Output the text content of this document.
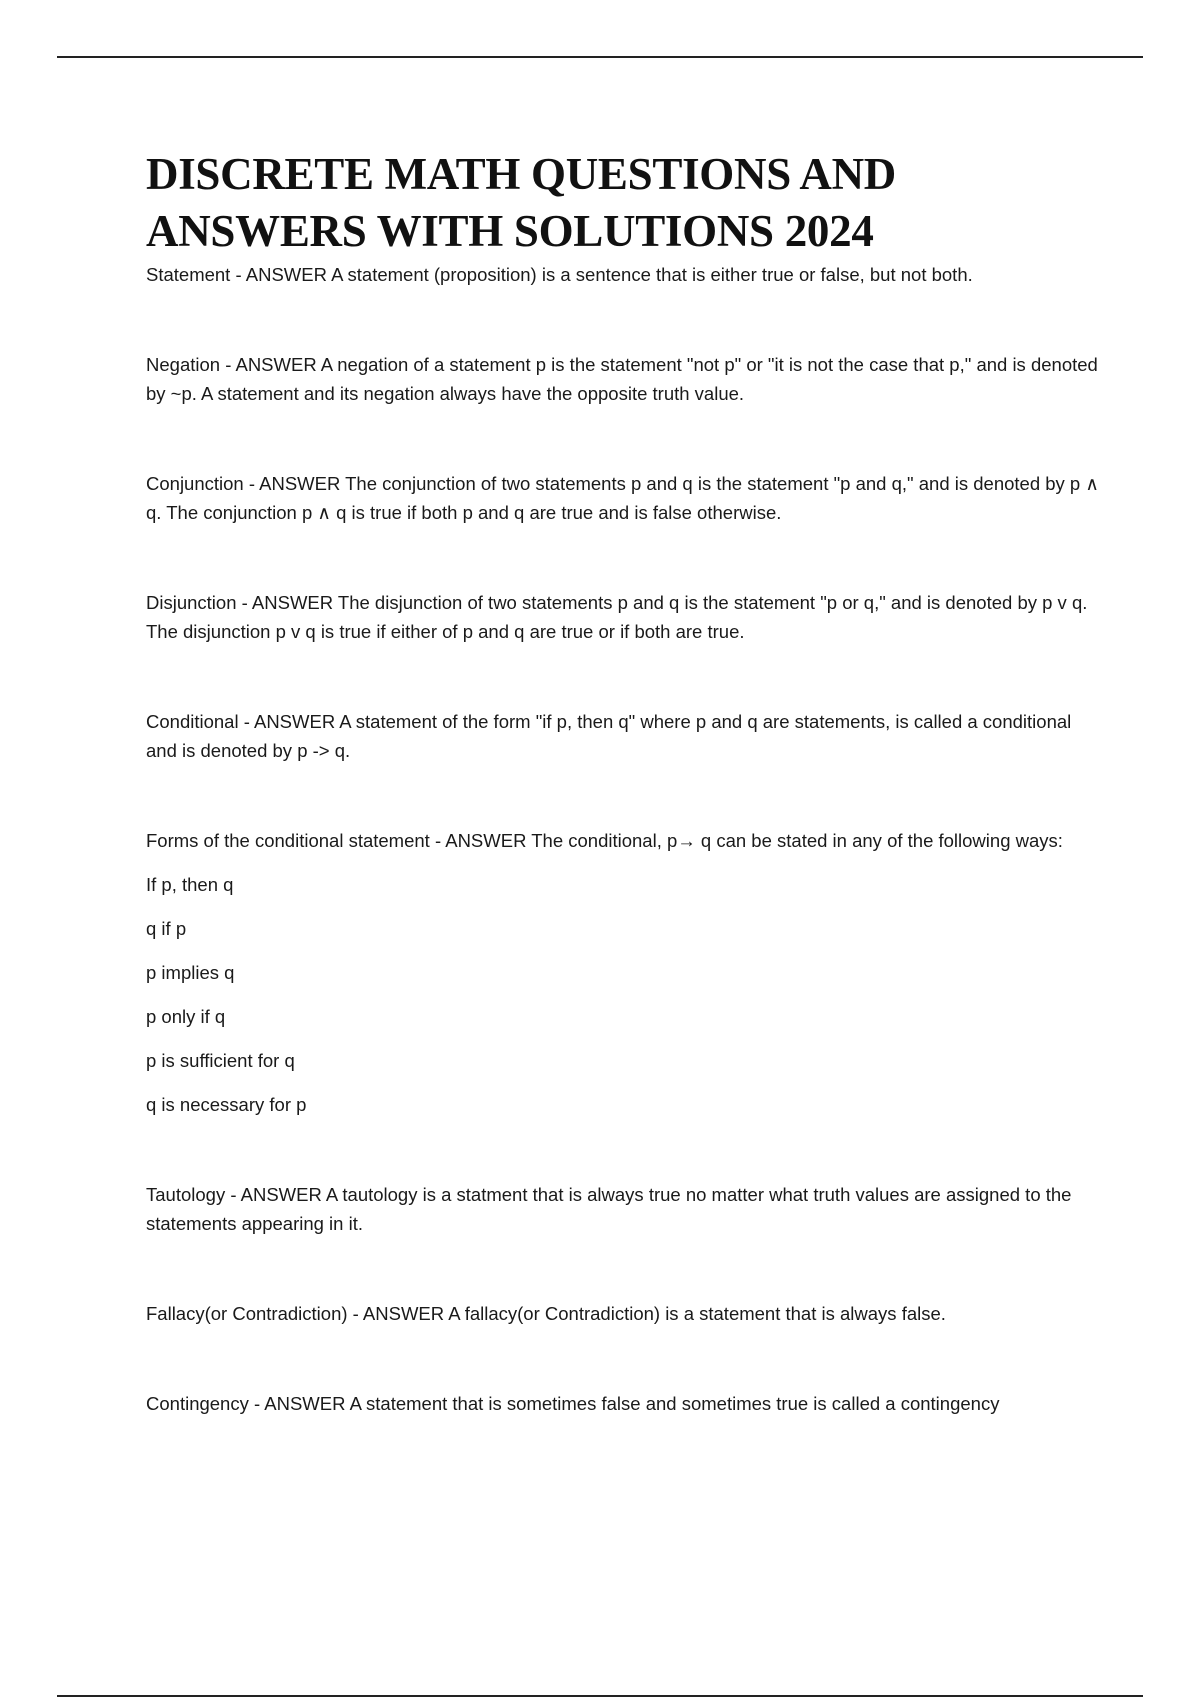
DISCRETE MATH QUESTIONS AND
ANSWERS WITH SOLUTIONS 2024

Statement - ANSWER A statement (proposition) is a sentence that is either true or false, but not both.

Negation - ANSWER A negation of a statement p is the statement "not p" or "it is not the case that p," and is denoted by ~p. A statement and its negation always have the opposite truth value.

Conjunction - ANSWER The conjunction of two statements p and q is the statement "p and q," and is denoted by p ∧ q. The conjunction p ∧ q is true if both p and q are true and is false otherwise.

Disjunction - ANSWER The disjunction of two statements p and q is the statement "p or q," and is denoted by p v q. The disjunction p v q is true if either of p and q are true or if both are true.

Conditional - ANSWER A statement of the form "if p, then q" where p and q are statements, is called a conditional and is denoted by p -> q.

Forms of the conditional statement - ANSWER The conditional, p→ q can be stated in any of the following ways:

If p, then q
q if p
p implies q
p only if q
p is sufficient for q
q is necessary for p

Tautology - ANSWER A tautology is a statment that is always true no matter what truth values are assigned to the statements appearing in it.

Fallacy(or Contradiction) - ANSWER A fallacy(or Contradiction) is a statement that is always false.

Contingency - ANSWER A statement that is sometimes false and sometimes true is called a contingency
